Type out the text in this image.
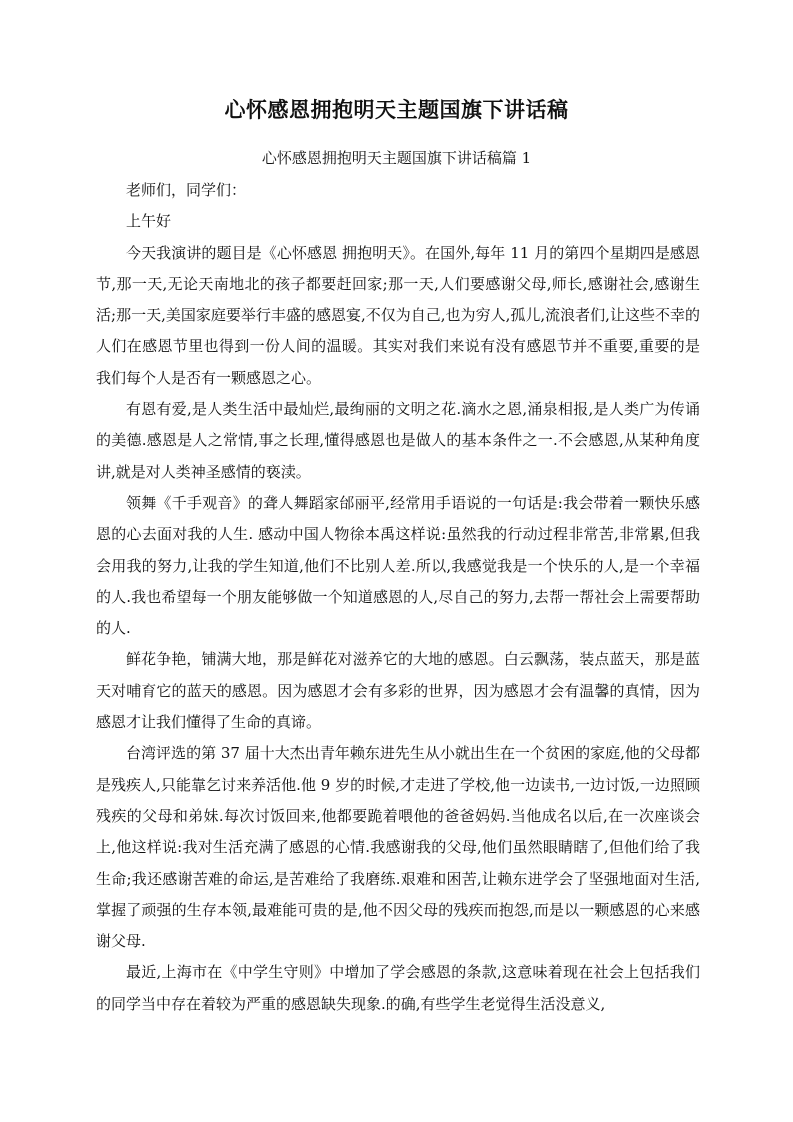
心怀感恩拥抱明天主题国旗下讲话稿

心怀感恩拥抱明天主题国旗下讲话稿篇 1

老师们，同学们：

上午好

今天我演讲的题目是《心怀感恩 拥抱明天》。在国外,每年 11 月的第四个星期四是感恩节,那一天,无论天南地北的孩子都要赶回家;那一天,人们要感谢父母,师长,感谢社会,感谢生活;那一天,美国家庭要举行丰盛的感恩宴,不仅为自己,也为穷人,孤儿,流浪者们,让这些不幸的人们在感恩节里也得到一份人间的温暖。其实对我们来说有没有感恩节并不重要,重要的是我们每个人是否有一颗感恩之心。

有恩有爱,是人类生活中最灿烂,最绚丽的文明之花.滴水之恩,涌泉相报,是人类广为传诵的美德.感恩是人之常情,事之长理,懂得感恩也是做人的基本条件之一.不会感恩,从某种角度讲,就是对人类神圣感情的亵渎。

领舞《千手观音》的聋人舞蹈家邰丽平,经常用手语说的一句话是:我会带着一颗快乐感恩的心去面对我的人生. 感动中国人物徐本禹这样说:虽然我的行动过程非常苦,非常累,但我会用我的努力,让我的学生知道,他们不比别人差.所以,我感觉我是一个快乐的人,是一个幸福的人.我也希望每一个朋友能够做一个知道感恩的人,尽自己的努力,去帮一帮社会上需要帮助的人.

鲜花争艳，铺满大地，那是鲜花对滋养它的大地的感恩。白云飘荡，装点蓝天，那是蓝天对哺育它的蓝天的感恩。因为感恩才会有多彩的世界，因为感恩才会有温馨的真情，因为感恩才让我们懂得了生命的真谛。

台湾评选的第 37 届十大杰出青年赖东进先生从小就出生在一个贫困的家庭,他的父母都是残疾人,只能靠乞讨来养活他.他 9 岁的时候,才走进了学校,他一边读书,一边讨饭,一边照顾残疾的父母和弟妹.每次讨饭回来,他都要跪着喂他的爸爸妈妈.当他成名以后,在一次座谈会上,他这样说:我对生活充满了感恩的心情.我感谢我的父母,他们虽然眼睛瞎了,但他们给了我生命;我还感谢苦难的命运,是苦难给了我磨练.艰难和困苦,让赖东进学会了坚强地面对生活,掌握了顽强的生存本领,最难能可贵的是,他不因父母的残疾而抱怨,而是以一颗感恩的心来感谢父母.

最近,上海市在《中学生守则》中增加了学会感恩的条款,这意味着现在社会上包括我们的同学当中存在着较为严重的感恩缺失现象.的确,有些学生老觉得生活没意义,
